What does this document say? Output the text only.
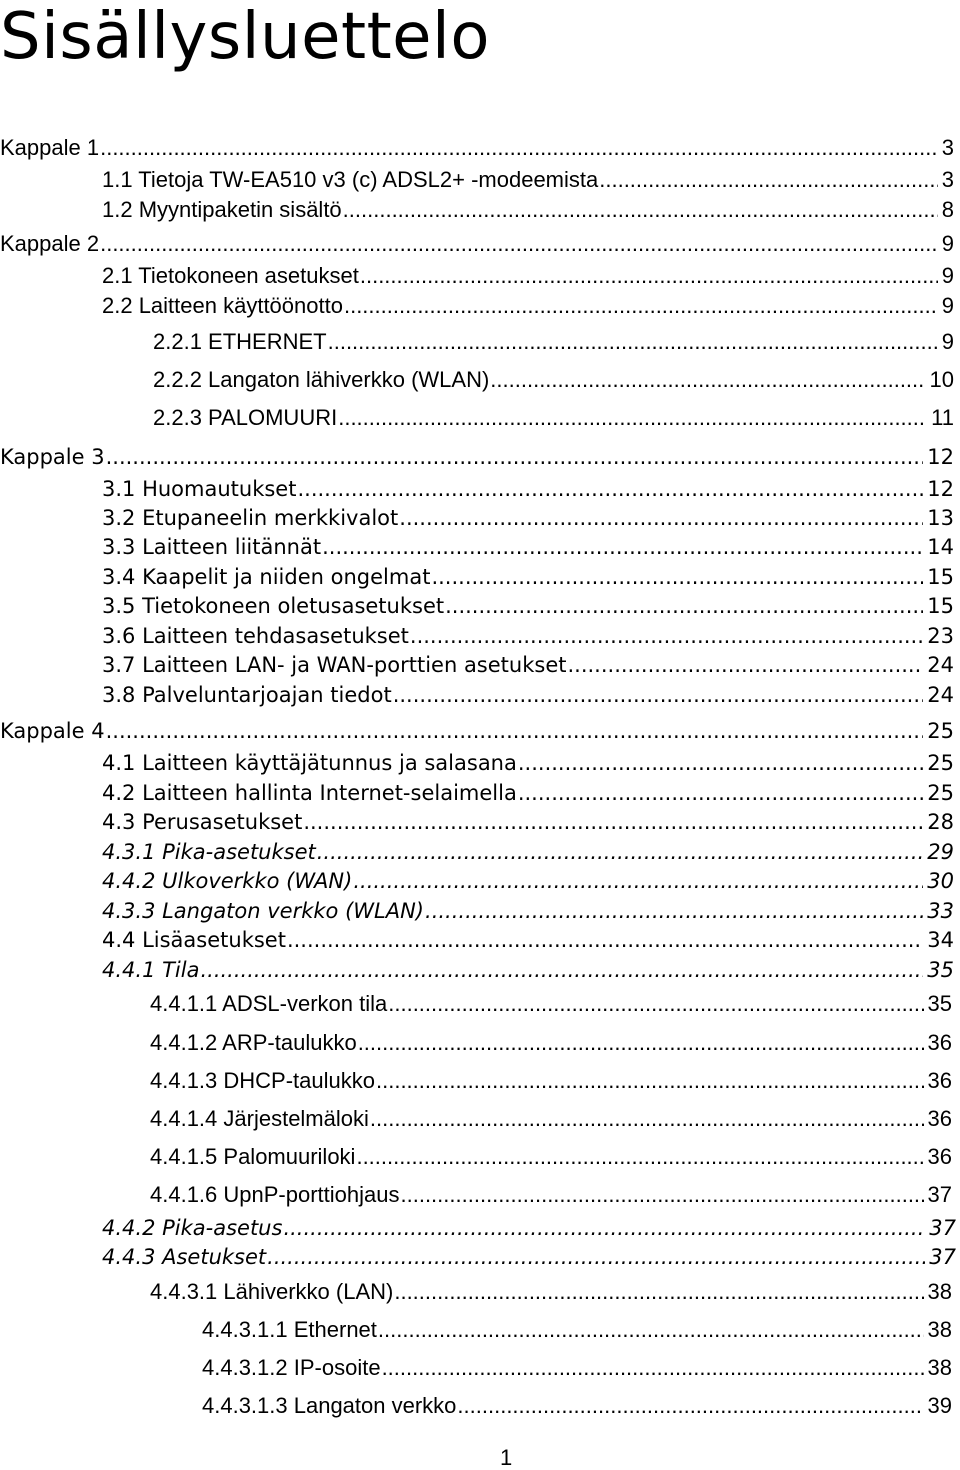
Sisällysluettelo
Kappale 1 .....	3
1.1 Tietoja TW-EA510 v3 (c) ADSL2+ -modeemista .....	3
1.2 Myyntipaketin sisältö .....	8
Kappale 2 .....	9
2.1 Tietokoneen asetukset .....	9
2.2 Laitteen käyttöönotto .....	9
2.2.1 ETHERNET .....	9
2.2.2 Langaton lähiverkko (WLAN) .....	10
2.2.3 PALOMUURI .....	11
Kappale 3 .....	12
3.1 Huomautukset .....	12
3.2 Etupaneelin merkkivalot .....	13
3.3 Laitteen liitännät .....	14
3.4 Kaapelit ja niiden ongelmat .....	15
3.5 Tietokoneen oletusasetukset .....	15
3.6 Laitteen tehdasasetukset .....	23
3.7 Laitteen LAN- ja WAN-porttien asetukset .....	24
3.8 Palveluntarjoajan tiedot .....	24
Kappale 4 .....	25
4.1 Laitteen käyttäjätunnus ja salasana .....	25
4.2 Laitteen hallinta Internet-selaimella .....	25
4.3 Perusasetukset .....	28
4.3.1 Pika-asetukset .....	29
4.4.2 Ulkoverkko (WAN) .....	30
4.3.3 Langaton verkko (WLAN) .....	33
4.4 Lisäasetukset .....	34
4.4.1 Tila .....	35
4.4.1.1 ADSL-verkon tila .....	35
4.4.1.2 ARP-taulukko .....	36
4.4.1.3 DHCP-taulukko .....	36
4.4.1.4 Järjestelmäloki .....	36
4.4.1.5 Palomuuriloki .....	36
4.4.1.6 UpnP-porttiohjaus .....	37
4.4.2 Pika-asetus .....	37
4.4.3 Asetukset .....	37
4.4.3.1 Lähiverkko (LAN) .....	38
4.4.3.1.1 Ethernet .....	38
4.4.3.1.2 IP-osoite .....	38
4.4.3.1.3 Langaton verkko .....	39
1
